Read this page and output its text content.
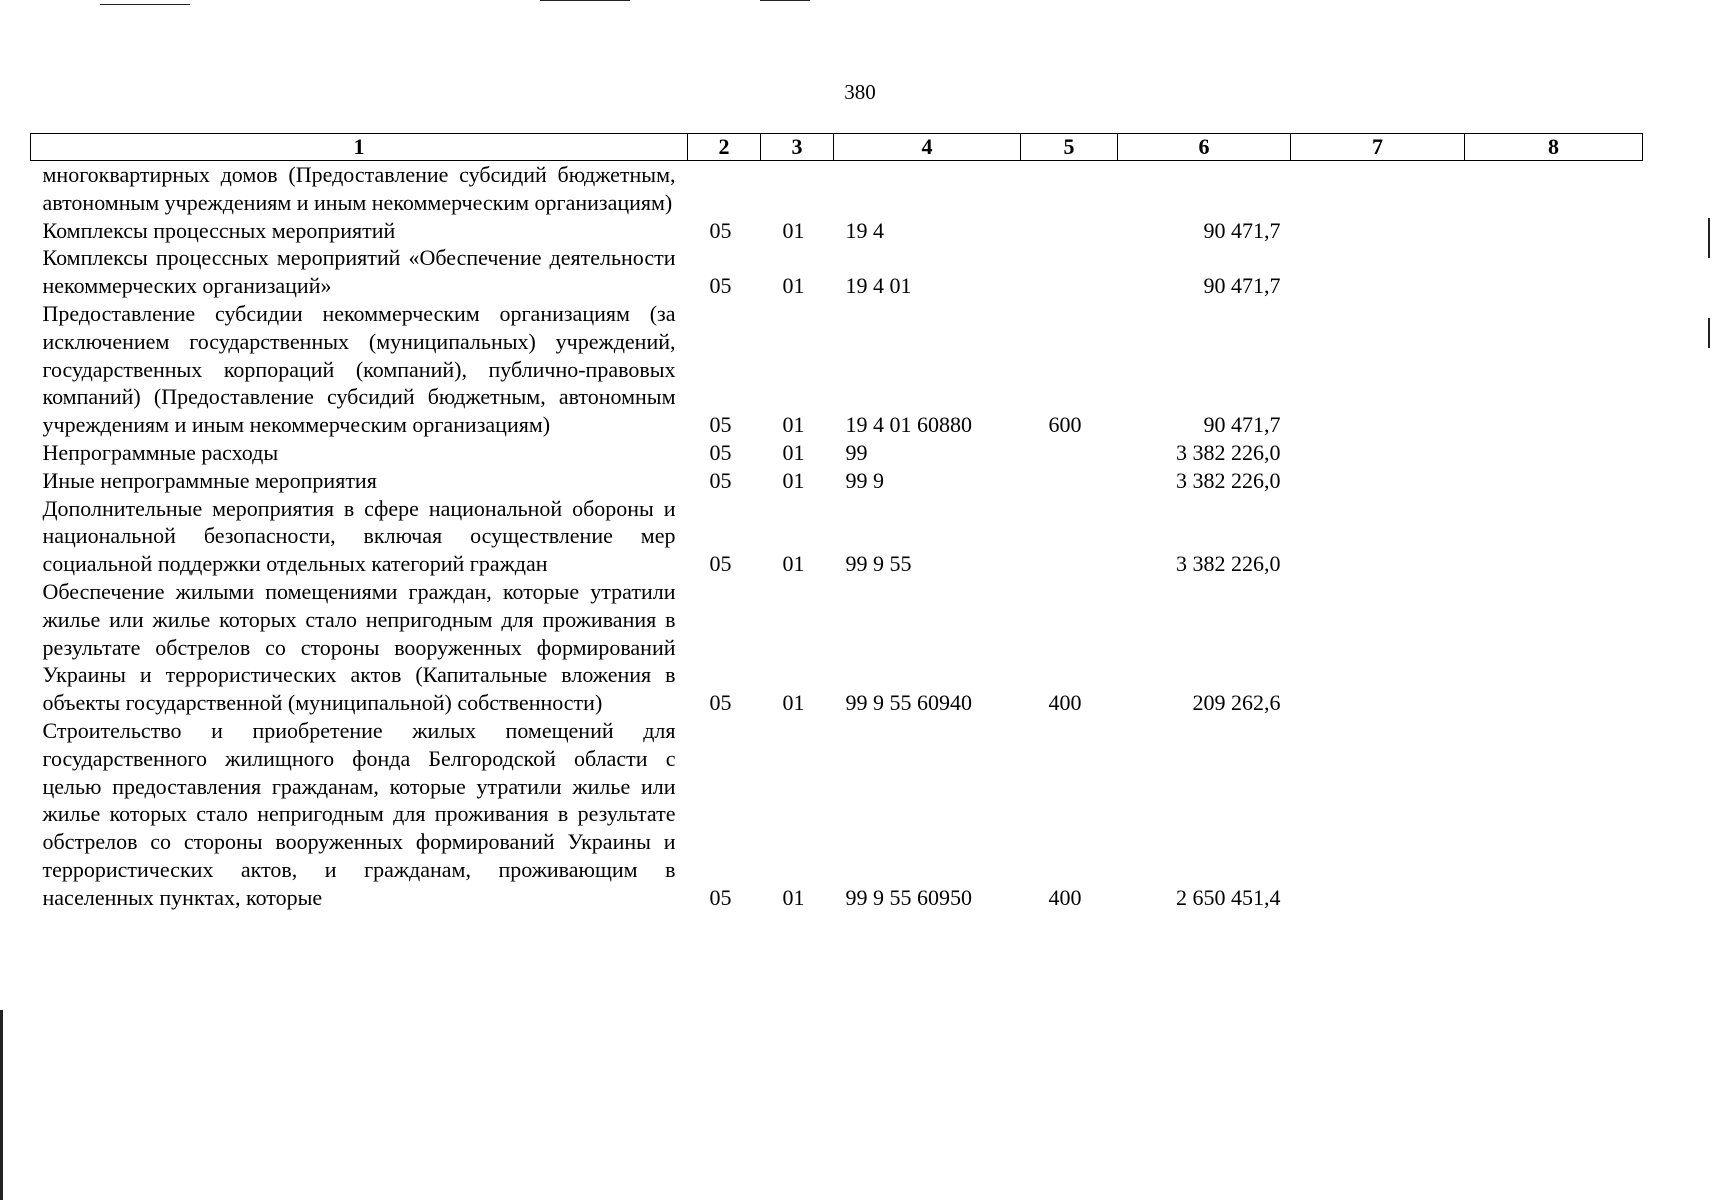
380
1	2	3	4	5	6	7	8
многоквартирных домов (Предоставление субсидий бюджетным, автономным учреждениям и иным некоммерческим организациям)							
Комплексы процессных мероприятий	05	01	19 4		90 471,7		
Комплексы процессных мероприятий «Обеспечение деятельности некоммерческих организаций»	05	01	19 4 01		90 471,7		
Предоставление субсидии некоммерческим организациям (за исключением государственных (муниципальных) учреждений, государственных корпораций (компаний), публично-правовых компаний) (Предоставление субсидий бюджетным, автономным учреждениям и иным некоммерческим организациям)	05	01	19 4 01 60880	600	90 471,7		
Непрограммные расходы	05	01	99		3 382 226,0		
Иные непрограммные мероприятия	05	01	99 9		3 382 226,0		
Дополнительные мероприятия в сфере национальной обороны и национальной безопасности, включая осуществление мер социальной поддержки отдельных категорий граждан	05	01	99 9 55		3 382 226,0		
Обеспечение жилыми помещениями граждан, которые утратили жилье или жилье которых стало непригодным для проживания в результате обстрелов со стороны вооруженных формирований Украины и террористических актов (Капитальные вложения в объекты государственной (муниципальной) собственности)	05	01	99 9 55 60940	400	209 262,6		
Строительство и приобретение жилых помещений для государственного жилищного фонда Белгородской области с целью предоставления гражданам, которые утратили жилье или жилье которых стало непригодным для проживания в результате обстрелов со стороны вооруженных формирований Украины и террористических актов, и гражданам, проживающим в населенных пунктах, которые	05	01	99 9 55 60950	400	2 650 451,4		
